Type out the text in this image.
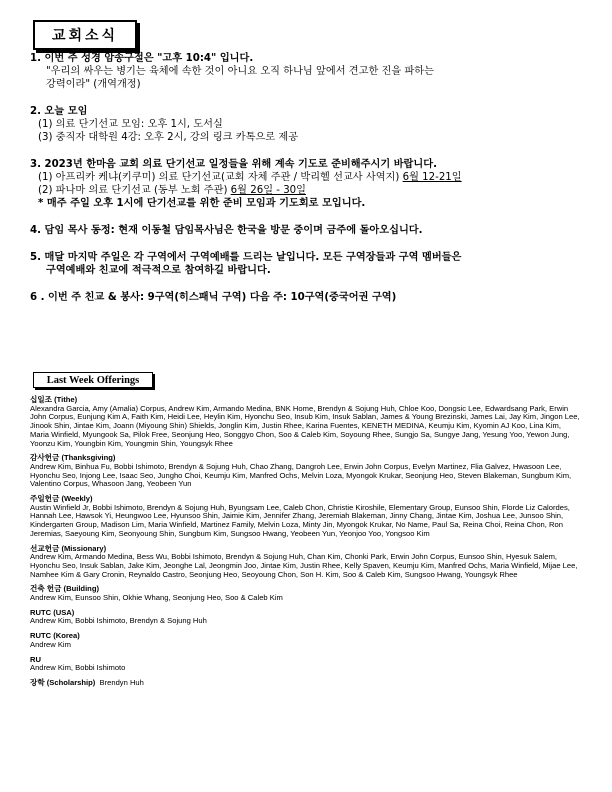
교회소식
1. 이번 주 성경 암송구절은 "고후 10:4" 입니다.
"우리의 싸우는 병기는 육체에 속한 것이 아니요 오직 하나님 앞에서 견고한 진을 파하는
강력이라" (개역개정)
2. 오늘 모임
(1) 의료 단기선교 모임: 오후 1시, 도서실
(3) 중직자 대학원 4강: 오후 2시, 강의 링크 카톡으로 제공
3. 2023년 한마음 교회 의료 단기선교 일정들을 위해 계속 기도로 준비해주시기 바랍니다.
(1) 아프리카 케냐(키쿠미) 의료 단기선교(교회 자체 주관 / 박리헬 선교사 사역지) 6월 12-21일
(2) 파나마 의료 단기선교 (동부 노회 주관) 6월 26일 - 30일
* 매주 주일 오후 1시에 단기선교를 위한 준비 모임과 기도회로 모입니다.
4. 담임 목사 동정: 현재 이동철 담임목사님은 한국을 방문 중이며 금주에 돌아오십니다.
5. 매달 마지막 주일은 각 구역에서 구역예배를 드리는 날입니다. 모든 구역장들과 구역 멤버들은
구역예배와 친교에 적극적으로 참여하길 바랍니다.
6 . 이번 주 친교 & 봉사: 9구역(히스패닉 구역) 다음 주: 10구역(중국어권 구역)
Last Week Offerings
십일조 (Tithe)
Alexandra Garcia, Amy (Amalia) Corpus, Andrew Kim, Armando Medina, BNK Home, Brendyn & Sojung Huh, Chloe Koo, Dongsic Lee, Edwardsang Park, Erwin John Corpus, Eunjung Kim A, Faith Kim, Heidi Lee, Heylin Kim, Hyonchu Seo, Insub Kim, Insuk Sablan, James & Young Brezinski, James Lai, Jay Kim, Jingon Lee, Jinook Shin, Jintae Kim, Joann (Miyoung Shin) Shields, Jonglin Kim, Justin Rhee, Karina Fuentes, KENETH MEDINA, Keumju Kim, Kyomin AJ Koo, Lina Kim, Maria Winfield, Myungook Sa, Pilok Free, Seonjung Heo, Songgyo Chon, Soo & Caleb Kim, Soyoung Rhee, Sungjo Sa, Sungye Jang, Yesung Yoo, Yewon Jung, Yoonzu Kim, Youngbin Kim, Youngmin Shin, Youngsyk Rhee
감사헌금 (Thanksgiving)
Andrew Kim, Binhua Fu, Bobbi Ishimoto, Brendyn & Sojung Huh, Chao Zhang, Dangroh Lee, Erwin John Corpus, Evelyn Martinez, Flia Galvez, Hwasoon Lee, Hyonchu Seo, Injong Lee, Isaac Seo, Jungho Choi, Keumju Kim, Manfred Ochs, Melvin Loza, Myongok Krukar, Seonjung Heo, Steven Blakeman, Sungbum Kim, Valentino Corpus, Whasoon Jang, Yeobeen Yun
주일헌금 (Weekly)
Austin Winfield Jr, Bobbi Ishimoto, Brendyn & Sojung Huh, Byungsam Lee, Caleb Chon, Christie Kiroshile, Elementary Group, Eunsoo Shin, Florde Liz Calordes, Hannah Lee, Hawsok Yi, Heungwoo Lee, Hyunsoo Shin, Jaimie Kim, Jennifer Zhang, Jeremiah Blakeman, Jinny Chang, Jintae Kim, Joshua Lee, Junsoo Shin, Kindergarten Group, Madison Lim, Maria Winfield, Martinez Family, Melvin Loza, Minty Jin, Myongok Krukar, No Name, Paul Sa, Reina Choi, Reina Chon, Ron Jeremias, Saeyoung Kim, Seonyoung Shin, Sungbum Kim, Sungsoo Hwang, Yeobeen Yun, Yeonjoo Yoo, Yongsoo Kim
선교헌금 (Missionary)
Andrew Kim, Armando Medina, Bess Wu, Bobbi Ishimoto, Brendyn & Sojung Huh, Chan Kim, Chonki Park, Erwin John Corpus, Eunsoo Shin, Hyesuk Salem, Hyonchu Seo, Insuk Sablan, Jake Kim, Jeonghe Lal, Jeongmin Joo, Jintae Kim, Justin Rhee, Kelly Spaven, Keumju Kim, Manfred Ochs, Maria Winfield, Mijae Lee, Namhee Kim & Gary Cronin, Reynaldo Castro, Seonjung Heo, Seoyoung Chon, Son H. Kim, Soo & Caleb Kim, Sungsoo Hwang, Youngsyk Rhee
건축 헌금 (Building)
Andrew Kim, Eunsoo Shin, Okhie Whang, Seonjung Heo, Soo & Caleb Kim
RUTC (USA)
Andrew Kim, Bobbi Ishimoto, Brendyn & Sojung Huh
RUTC (Korea)
Andrew Kim
RU
Andrew Kim, Bobbi Ishimoto
장학 (Scholarship) Brendyn Huh
